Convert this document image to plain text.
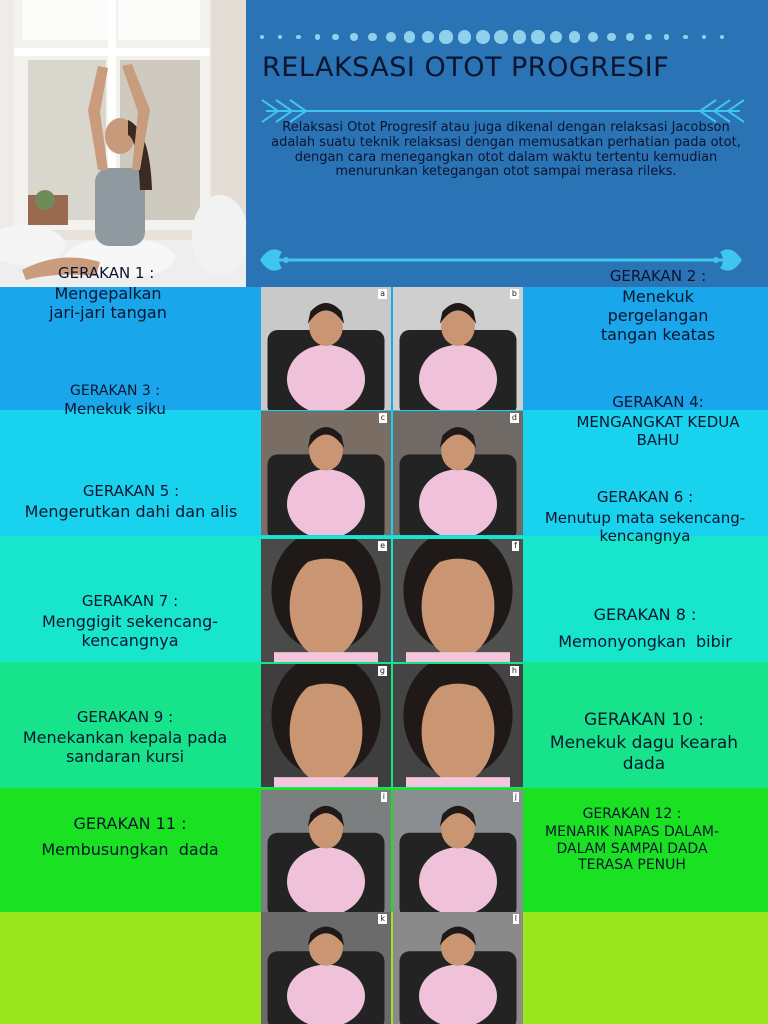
RELAKSASI OTOT PROGRESIF
Relaksasi Otot Progresif atau juga dikenal dengan relaksasi Jacobson adalah suatu teknik relaksasi dengan memusatkan perhatian pada otot, dengan cara menegangkan otot dalam waktu tertentu kemudian menurunkan ketegangan otot sampai merasa rileks.
a	b
c	d
e	f
g	h
i	j
k	l
GERAKAN 1 :
Mengepalkan jari-jari tangan
GERAKAN 2 :
Menekuk pergelangan tangan keatas
GERAKAN 3 :
Menekuk siku	GERAKAN 4:
MENGANGKAT KEDUA BAHU
GERAKAN 5 :
Mengerutkan dahi dan alis
GERAKAN 6 :
Menutup mata sekencang-kencangnya
GERAKAN 7 :
Menggigit sekencang-kencangnya
GERAKAN 8 :
Memonyongkan  bibir
GERAKAN 9 :
Menekankan kepala pada sandaran kursi
GERAKAN 10 :
Menekuk dagu kearah dada
GERAKAN 11 :
Membusungkan  dada
GERAKAN 12 :
MENARIK NAPAS DALAM-DALAM SAMPAI DADA TERASA PENUH
